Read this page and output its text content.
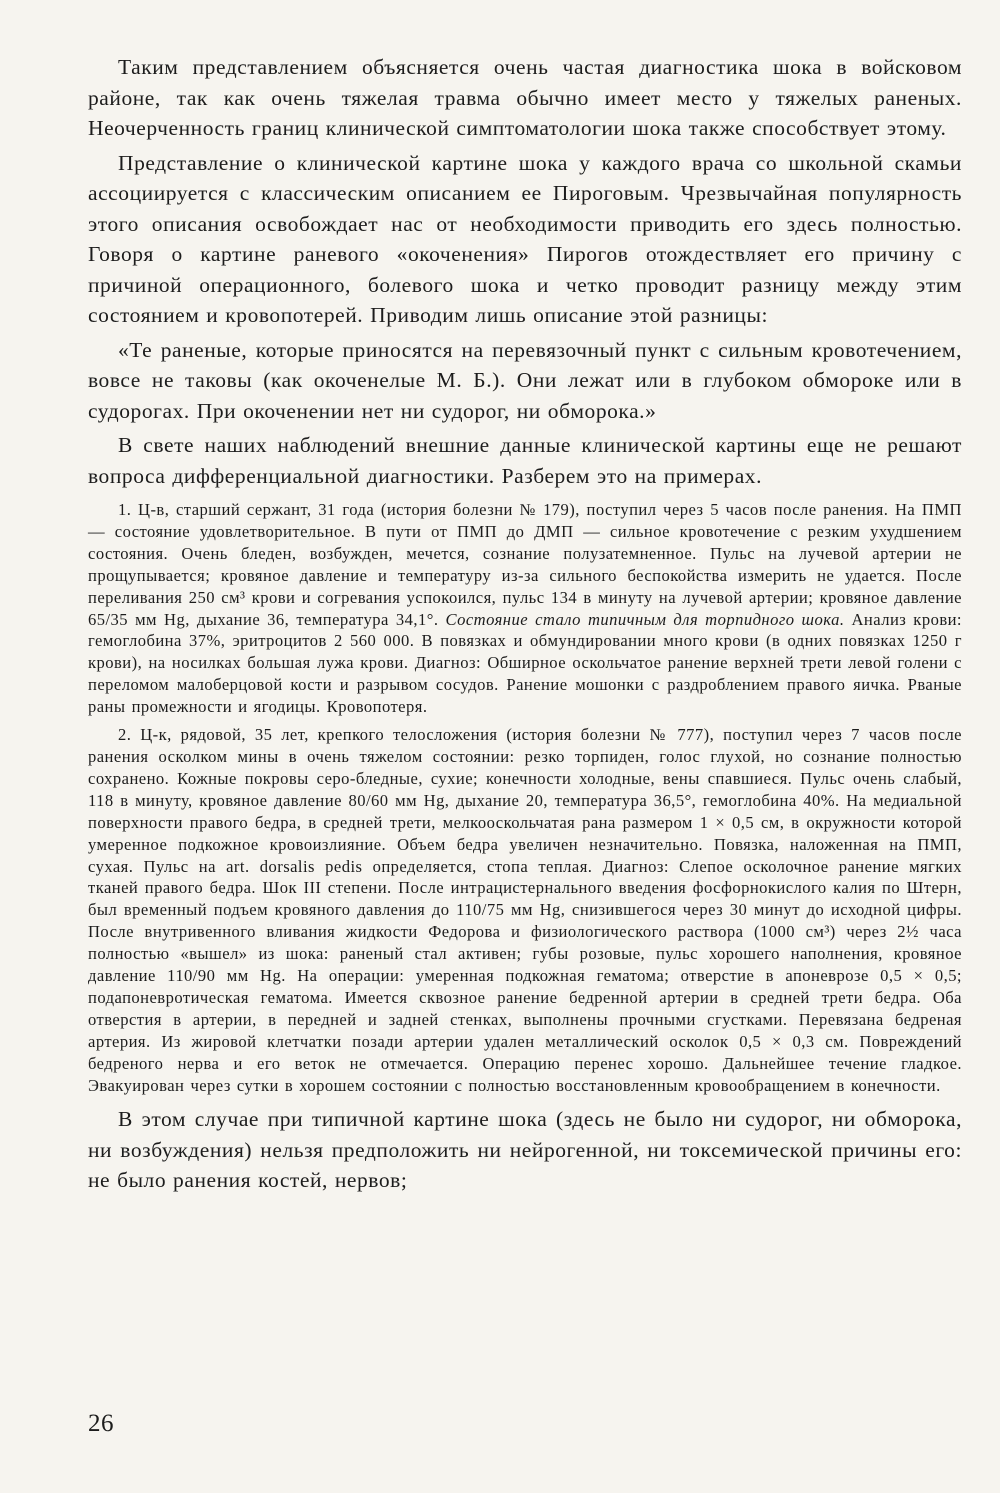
Таким представлением объясняется очень частая диагностика шока в войсковом районе, так как очень тяжелая травма обычно имеет место у тяжелых раненых. Неочерченность границ клинической симптоматологии шока также способствует этому.

Представление о клинической картине шока у каждого врача со школьной скамьи ассоциируется с классическим описанием ее Пироговым. Чрезвычайная популярность этого описания освобождает нас от необходимости приводить его здесь полностью. Говоря о картине раневого «окоченения» Пирогов отождествляет его причину с причиной операционного, болевого шока и четко проводит разницу между этим состоянием и кровопотерей. Приводим лишь описание этой разницы:

«Те раненые, которые приносятся на перевязочный пункт с сильным кровотечением, вовсе не таковы (как окоченелые М. Б.). Они лежат или в глубоком обмороке или в судорогах. При окоченении нет ни судорог, ни обморока.»

В свете наших наблюдений внешние данные клинической картины еще не решают вопроса дифференциальной диагностики. Разберем это на примерах.

1. Ц-в, старший сержант, 31 года (история болезни № 179), поступил через 5 часов после ранения. На ПМП — состояние удовлетворительное. В пути от ПМП до ДМП — сильное кровотечение с резким ухудшением состояния. Очень бледен, возбужден, мечется, сознание полузатемненное. Пульс на лучевой артерии не прощупывается; кровяное давление и температуру из-за сильного беспокойства измерить не удается. После переливания 250 см³ крови и согревания успокоился, пульс 134 в минуту на лучевой артерии; кровяное давление 65/35 мм Hg, дыхание 36, температура 34,1°. Состояние стало типичным для торпидного шока. Анализ крови: гемоглобина 37%, эритроцитов 2 560 000. В повязках и обмундировании много крови (в одних повязках 1250 г крови), на носилках большая лужа крови. Диагноз: Обширное оскольчатое ранение верхней трети левой голени с переломом малоберцовой кости и разрывом сосудов. Ранение мошонки с раздроблением правого яичка. Рваные раны промежности и ягодицы. Кровопотеря.

2. Ц-к, рядовой, 35 лет, крепкого телосложения (история болезни № 777), поступил через 7 часов после ранения осколком мины в очень тяжелом состоянии: резко торпиден, голос глухой, но сознание полностью сохранено. Кожные покровы серо-бледные, сухие; конечности холодные, вены спавшиеся. Пульс очень слабый, 118 в минуту, кровяное давление 80/60 мм Hg, дыхание 20, температура 36,5°, гемоглобина 40%. На медиальной поверхности правого бедра, в средней трети, мелкооскольчатая рана размером 1 × 0,5 см, в окружности которой умеренное подкожное кровоизлияние. Объем бедра увеличен незначительно. Повязка, наложенная на ПМП, сухая. Пульс на art. dorsalis pedis определяется, стопа теплая. Диагноз: Слепое осколочное ранение мягких тканей правого бедра. Шок III степени. После интрацистернального введения фосфорнокислого калия по Штерн, был временный подъем кровяного давления до 110/75 мм Hg, снизившегося через 30 минут до исходной цифры. После внутривенного вливания жидкости Федорова и физиологического раствора (1000 см³) через 2½ часа полностью «вышел» из шока: раненый стал активен; губы розовые, пульс хорошего наполнения, кровяное давление 110/90 мм Hg. На операции: умеренная подкожная гематома; отверстие в апоневрозе 0,5 × 0,5; подапоневротическая гематома. Имеется сквозное ранение бедренной артерии в средней трети бедра. Оба отверстия в артерии, в передней и задней стенках, выполнены прочными сгустками. Перевязана бедреная артерия. Из жировой клетчатки позади артерии удален металлический осколок 0,5 × 0,3 см. Повреждений бедреного нерва и его веток не отмечается. Операцию перенес хорошо. Дальнейшее течение гладкое. Эвакуирован через сутки в хорошем состоянии с полностью восстановленным кровообращением в конечности.

В этом случае при типичной картине шока (здесь не было ни судорог, ни обморока, ни возбуждения) нельзя предположить ни нейрогенной, ни токсемической причины его: не было ранения костей, нервов;

26
